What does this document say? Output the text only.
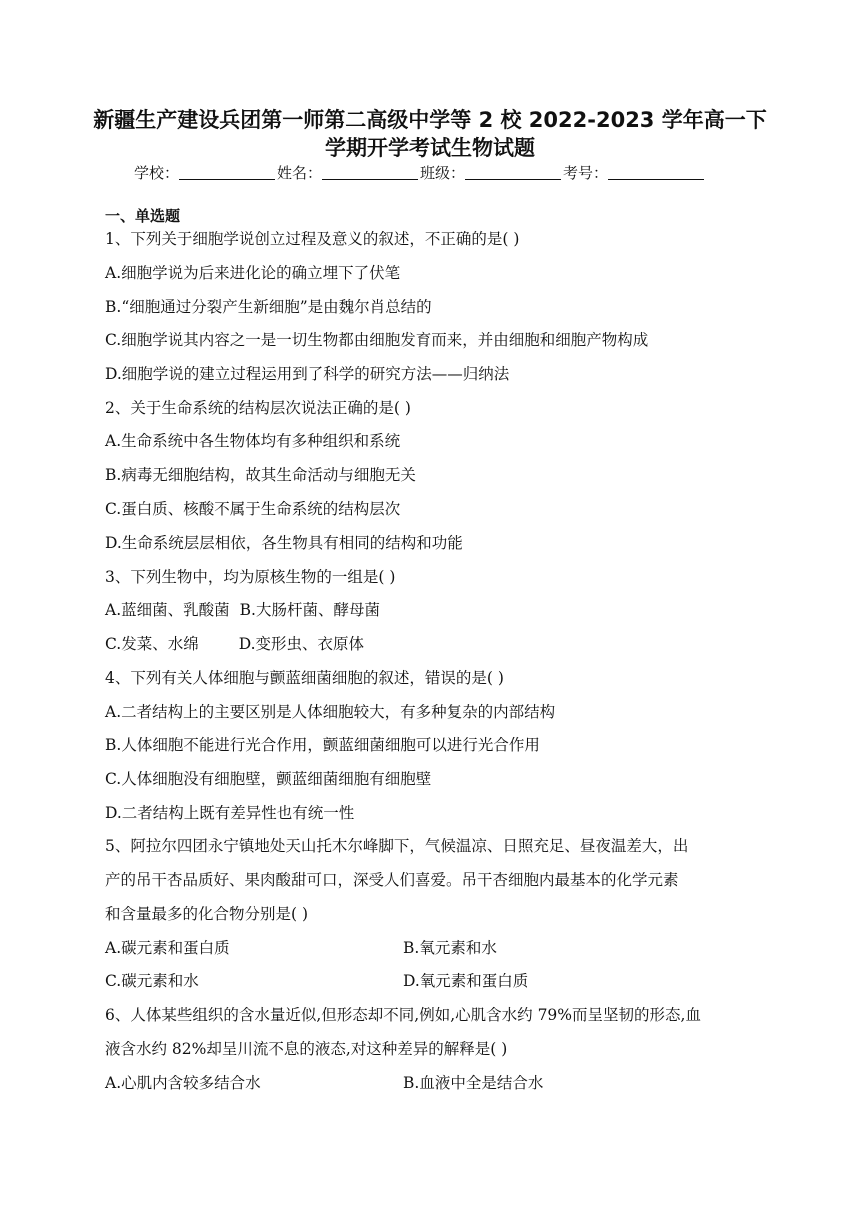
新疆生产建设兵团第一师第二高级中学等 2 校 2022-2023 学年高一下
学期开学考试生物试题
学校：	姓名：	班级：	考号：
一、单选题
1、下列关于细胞学说创立过程及意义的叙述，不正确的是( )
A.细胞学说为后来进化论的确立埋下了伏笔
B.“细胞通过分裂产生新细胞”是由魏尔肖总结的
C.细胞学说其内容之一是一切生物都由细胞发育而来，并由细胞和细胞产物构成
D.细胞学说的建立过程运用到了科学的研究方法——归纳法
2、关于生命系统的结构层次说法正确的是( )
A.生命系统中各生物体均有多种组织和系统
B.病毒无细胞结构，故其生命活动与细胞无关
C.蛋白质、核酸不属于生命系统的结构层次
D.生命系统层层相依，各生物具有相同的结构和功能
3、下列生物中，均为原核生物的一组是( )
A.蓝细菌、乳酸菌 B.大肠杆菌、酵母菌
C.发菜、水绵	D.变形虫、衣原体
4、下列有关人体细胞与颤蓝细菌细胞的叙述，错误的是( )
A.二者结构上的主要区别是人体细胞较大，有多种复杂的内部结构
B.人体细胞不能进行光合作用，颤蓝细菌细胞可以进行光合作用
C.人体细胞没有细胞壁，颤蓝细菌细胞有细胞壁
D.二者结构上既有差异性也有统一性
5、阿拉尔四团永宁镇地处天山托木尔峰脚下，气候温凉、日照充足、昼夜温差大，出
产的吊干杏品质好、果肉酸甜可口，深受人们喜爱。吊干杏细胞内最基本的化学元素
和含量最多的化合物分别是( )
A.碳元素和蛋白质	B.氧元素和水
C.碳元素和水	D.氧元素和蛋白质
6、人体某些组织的含水量近似,但形态却不同,例如,心肌含水约 79%而呈坚韧的形态,血
液含水约 82%却呈川流不息的液态,对这种差异的解释是( )
A.心肌内含较多结合水	B.血液中全是结合水
